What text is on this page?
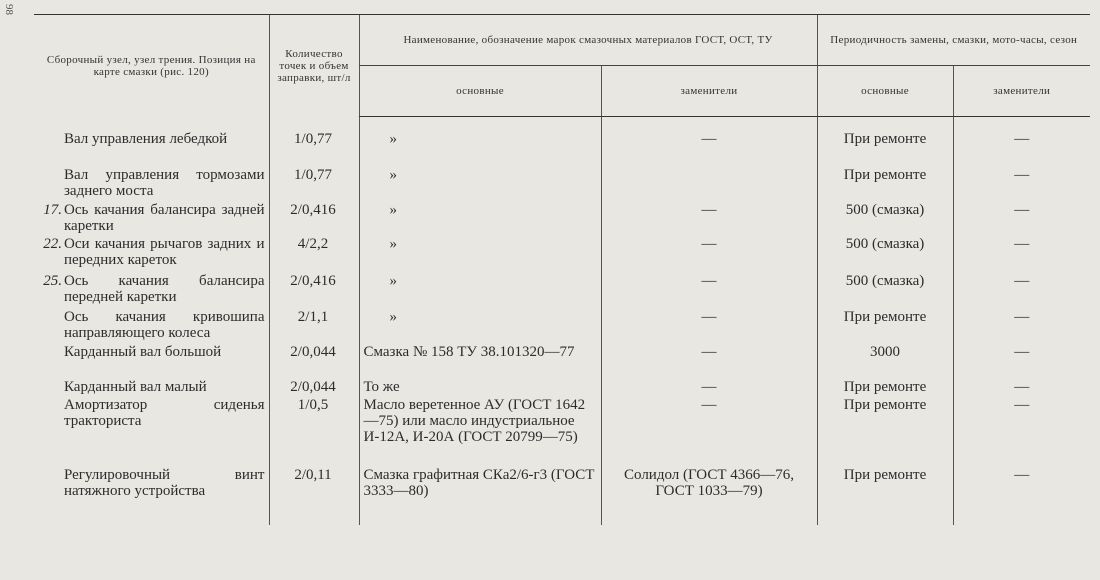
98
Сборочный узел, узел трения. Позиция на карте смазки (рис. 120)	Количество точек и объем заправки, шт/л	Наименование, обозначение марок смазочных материалов ГОСТ, ОСТ, ТУ		Периодичность замены, смазки, мото-часы, сезон	
		основные	заменители	основные	заменители

Вал управления лебедкой	1/0,77	»	—	При ремонте	—

Вал управления тормозами заднего моста	1/0,77	»		При ремонте	—

17. Ось качания балансира задней каретки	2/0,416	»	—	500 (смазка)	—

22. Оси качания рычагов задних и передних кареток	4/2,2	»	—	500 (смазка)	—

25. Ось качания балансира передней каретки	2/0,416	»	—	500 (смазка)	—

Ось качания кривошипа направляющего колеса	2/1,1	»	—	При ремонте	—

Карданный вал большой	2/0,044	Смазка № 158 ТУ 38.101320—77	—	3000	—

Карданный вал малый	2/0,044	То же	—	При ремонте	—

Амортизатор сиденья тракториста	1/0,5	Масло веретенное АУ (ГОСТ 1642—75) или масло индустриальное И-12А, И-20А (ГОСТ 20799—75)	—	При ремонте	—

Регулировочный винт натяжного устройства	2/0,11	Смазка графитная СКа2/6-г3 (ГОСТ 3333—80)	Солидол (ГОСТ 4366—76, ГОСТ 1033—79)	При ремонте	—
